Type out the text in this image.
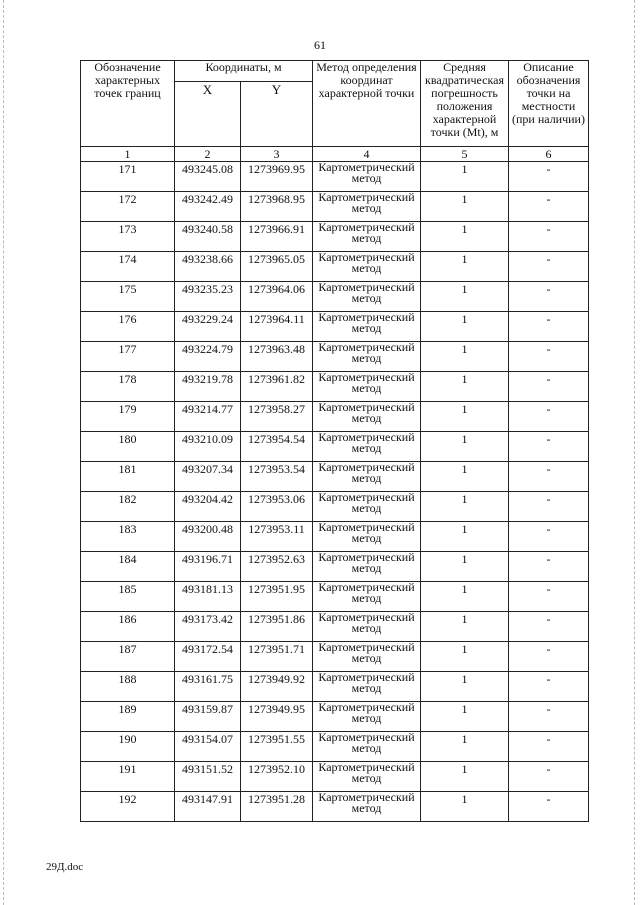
61
Обозначение характерных точек границ	Координаты, м		Метод определения координат характерной точки	Средняя квадратическая погрешность положения характерной точки (Mt), м	Описание обозначения точки на местности (при наличии)
	X	Y			
1	2	3	4	5	6
171	493245.08	1273969.95	Картометрический метод	1	-
172	493242.49	1273968.95	Картометрический метод	1	-
173	493240.58	1273966.91	Картометрический метод	1	-
174	493238.66	1273965.05	Картометрический метод	1	-
175	493235.23	1273964.06	Картометрический метод	1	-
176	493229.24	1273964.11	Картометрический метод	1	-
177	493224.79	1273963.48	Картометрический метод	1	-
178	493219.78	1273961.82	Картометрический метод	1	-
179	493214.77	1273958.27	Картометрический метод	1	-
180	493210.09	1273954.54	Картометрический метод	1	-
181	493207.34	1273953.54	Картометрический метод	1	-
182	493204.42	1273953.06	Картометрический метод	1	-
183	493200.48	1273953.11	Картометрический метод	1	-
184	493196.71	1273952.63	Картометрический метод	1	-
185	493181.13	1273951.95	Картометрический метод	1	-
186	493173.42	1273951.86	Картометрический метод	1	-
187	493172.54	1273951.71	Картометрический метод	1	-
188	493161.75	1273949.92	Картометрический метод	1	-
189	493159.87	1273949.95	Картометрический метод	1	-
190	493154.07	1273951.55	Картометрический метод	1	-
191	493151.52	1273952.10	Картометрический метод	1	-
192	493147.91	1273951.28	Картометрический метод	1	-
29Д.doc
